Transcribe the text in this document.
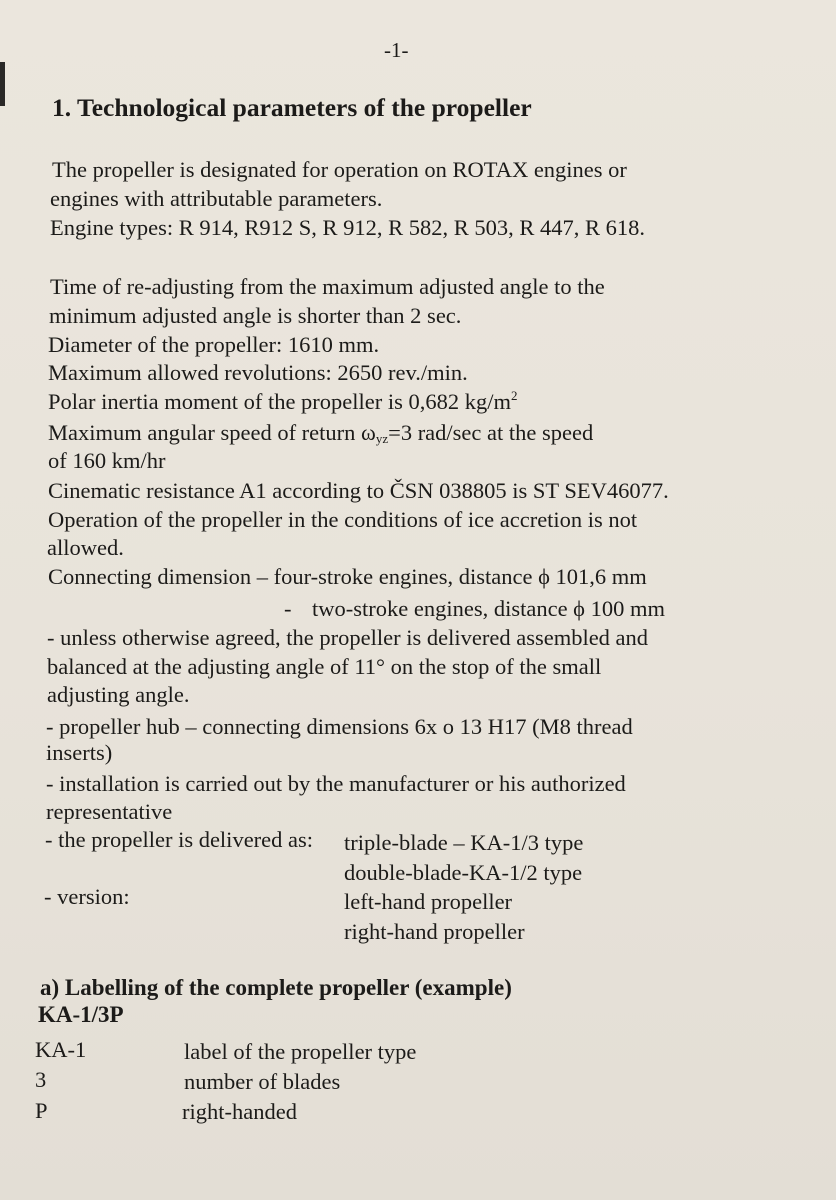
-1-
1. Technological parameters of the propeller
The propeller is designated for operation on ROTAX engines or
engines with attributable parameters.
Engine types: R 914, R912 S, R 912, R 582, R 503, R 447, R 618.
Time of re-adjusting from the maximum adjusted angle to the
minimum adjusted angle is shorter than 2 sec.
Diameter of the propeller: 1610 mm.
Maximum allowed revolutions: 2650 rev./min.
Polar inertia moment of the propeller is 0,682 $kg/m^2$
Maximum angular speed of return $\omega_{yz}=3$ rad/sec at the speed
of 160 km/hr
Cinematic resistance A1 according to ČSN 038805 is ST SEV46077.
Operation of the propeller in the conditions of ice accretion is not
allowed.
Connecting dimension – four-stroke engines, distance ϕ 101,6 mm
- two-stroke engines, distance ϕ 100 mm
- unless otherwise agreed, the propeller is delivered assembled and
balanced at the adjusting angle of 11° on the stop of the small
adjusting angle.
- propeller hub – connecting dimensions 6x o 13 H17 (M8 thread
inserts)
- installation is carried out by the manufacturer or his authorized
representative
- the propeller is delivered as: triple-blade – KA-1/3 type
double-blade-KA-1/2 type
- version:	left-hand propeller
right-hand propeller
a) Labelling of the complete propeller (example)
KA-1/3P
KA-1	label of the propeller type
3	number of blades
P	right-handed
